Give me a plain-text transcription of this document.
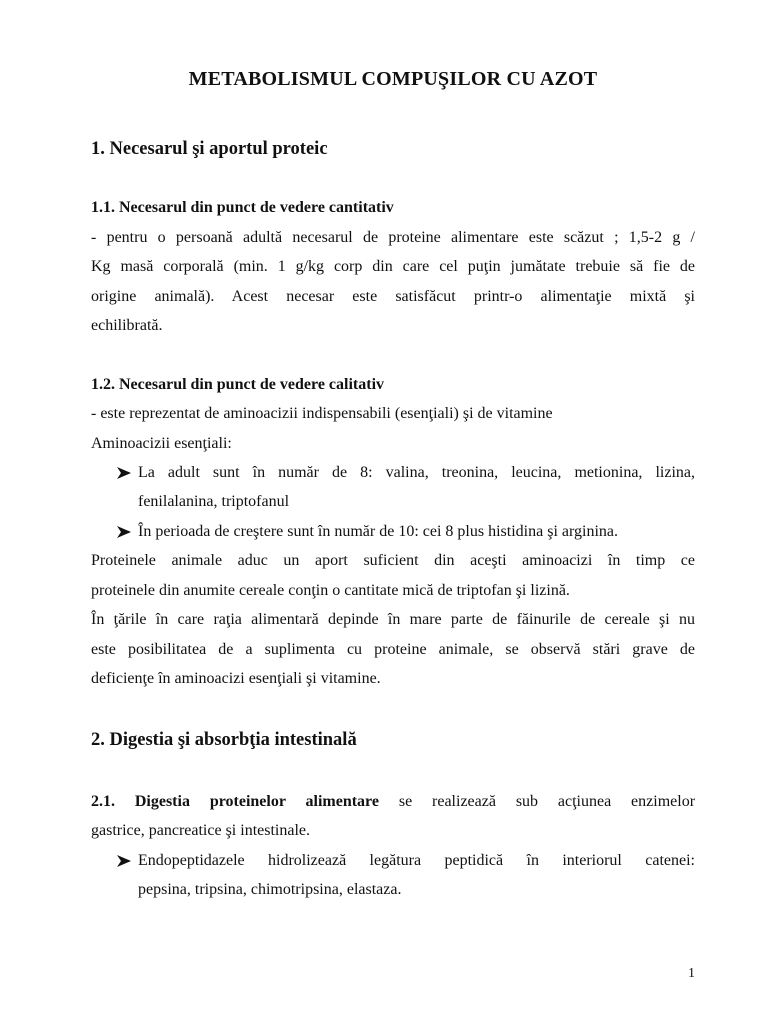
METABOLISMUL COMPUŞILOR CU AZOT
1. Necesarul şi aportul proteic
1.1. Necesarul din punct de vedere cantitativ
- pentru o persoană adultă necesarul de proteine alimentare este scăzut ; 1,5-2 g /
Kg masă corporală (min. 1 g/kg corp din care cel puţin jumătate trebuie să fie de
origine animală). Acest necesar este satisfăcut printr-o alimentaţie mixtă şi
echilibrată.
1.2. Necesarul din punct de vedere calitativ
- este reprezentat de aminoacizii indispensabili (esenţiali) şi de vitamine
Aminoacizii esenţiali:
La adult sunt în număr de 8: valina, treonina, leucina, metionina, lizina,
fenilalanina, triptofanul
În perioada de creştere sunt în număr de 10: cei 8 plus histidina şi arginina.
Proteinele animale aduc un aport suficient din aceşti aminoacizi în timp ce
proteinele din anumite cereale conţin o cantitate mică de triptofan şi lizină.
În ţările în care raţia alimentară depinde în mare parte de făinurile de cereale şi nu
este posibilitatea de a suplimenta cu proteine animale, se observă stări grave de
deficienţe în aminoacizi esenţiali şi vitamine.
2. Digestia şi absorbţia intestinală
2.1. Digestia proteinelor alimentare se realizează sub acţiunea enzimelor
gastrice, pancreatice şi intestinale.
Endopeptidazele hidrolizează legătura peptidică în interiorul catenei:
pepsina, tripsina, chimotripsina, elastaza.
1
